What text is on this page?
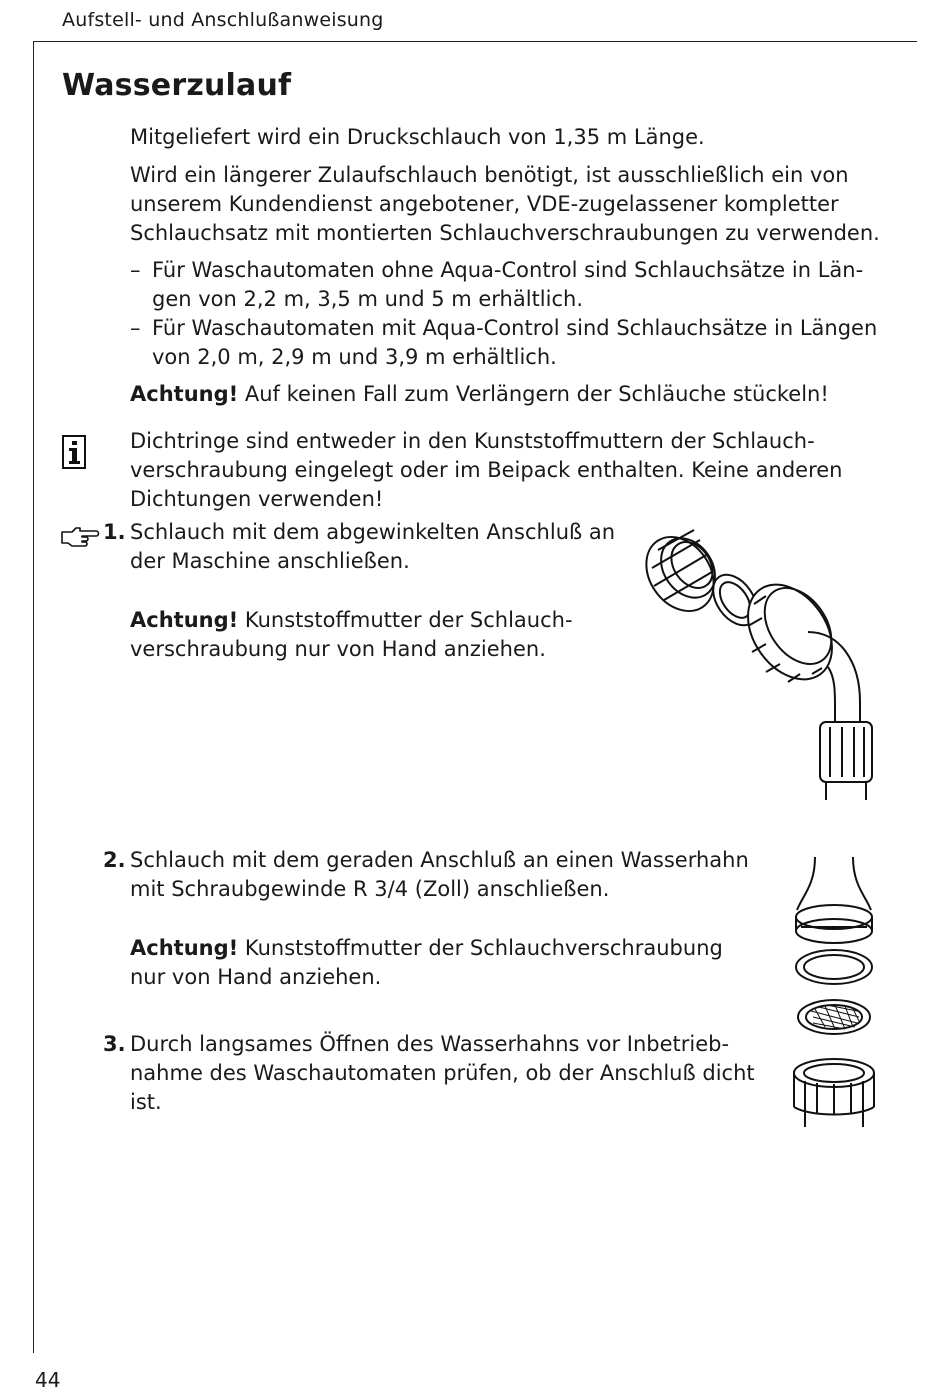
Aufstell- und Anschlußanweisung
Wasserzulauf

Mitgeliefert wird ein Druckschlauch von 1,35 m Länge.

Wird ein längerer Zulaufschlauch benötigt, ist ausschließlich ein von
unserem Kundendienst angebotener, VDE-zugelassener kompletter
Schlauchsatz mit montierten Schlauchverschraubungen zu verwenden.
– Für Waschautomaten ohne Aqua-Control sind Schlauchsätze in Län-
gen von 2,2 m, 3,5 m und 5 m erhältlich.
– Für Waschautomaten mit Aqua-Control sind Schlauchsätze in Längen
von 2,0 m, 2,9 m und 3,9 m erhältlich.

Achtung! Auf keinen Fall zum Verlängern der Schläuche stückeln!

Dichtringe sind entweder in den Kunststoffmuttern der Schlauch-
verschraubung eingelegt oder im Beipack enthalten. Keine anderen
Dichtungen verwenden!
1. Schlauch mit dem abgewinkelten Anschluß an
der Maschine anschließen.
Achtung! Kunststoffmutter der Schlauch-
verschraubung nur von Hand anziehen.
2. Schlauch mit dem geraden Anschluß an einen Wasserhahn
mit Schraubgewinde R 3/4 (Zoll) anschließen.
Achtung! Kunststoffmutter der Schlauchverschraubung
nur von Hand anziehen.
3. Durch langsames Öffnen des Wasserhahns vor Inbetrieb-
nahme des Waschautomaten prüfen, ob der Anschluß dicht
ist.
44
